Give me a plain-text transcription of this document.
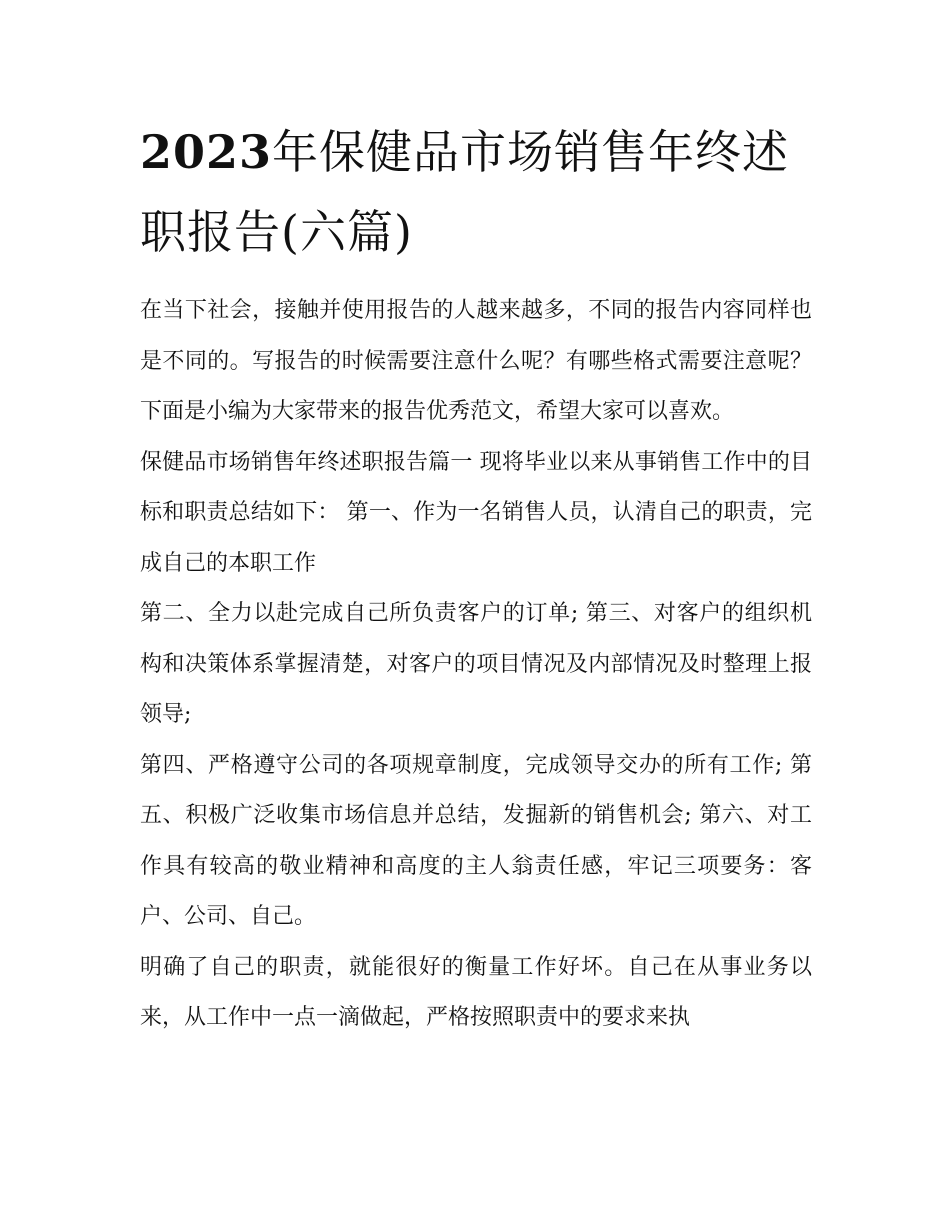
2023年保健品市场销售年终述职报告(六篇)

在当下社会，接触并使用报告的人越来越多，不同的报告内容同样也是不同的。写报告的时候需要注意什么呢？有哪些格式需要注意呢？下面是小编为大家带来的报告优秀范文，希望大家可以喜欢。

保健品市场销售年终述职报告篇一 现将毕业以来从事销售工作中的目标和职责总结如下： 第一、作为一名销售人员，认清自己的职责，完成自己的本职工作

第二、全力以赴完成自己所负责客户的订单; 第三、对客户的组织机构和决策体系掌握清楚，对客户的项目情况及内部情况及时整理上报领导;

第四、严格遵守公司的各项规章制度，完成领导交办的所有工作; 第五、积极广泛收集市场信息并总结，发掘新的销售机会; 第六、对工作具有较高的敬业精神和高度的主人翁责任感，牢记三项要务：客户、公司、自己。

明确了自己的职责，就能很好的衡量工作好坏。自己在从事业务以来，从工作中一点一滴做起，严格按照职责中的要求来执
